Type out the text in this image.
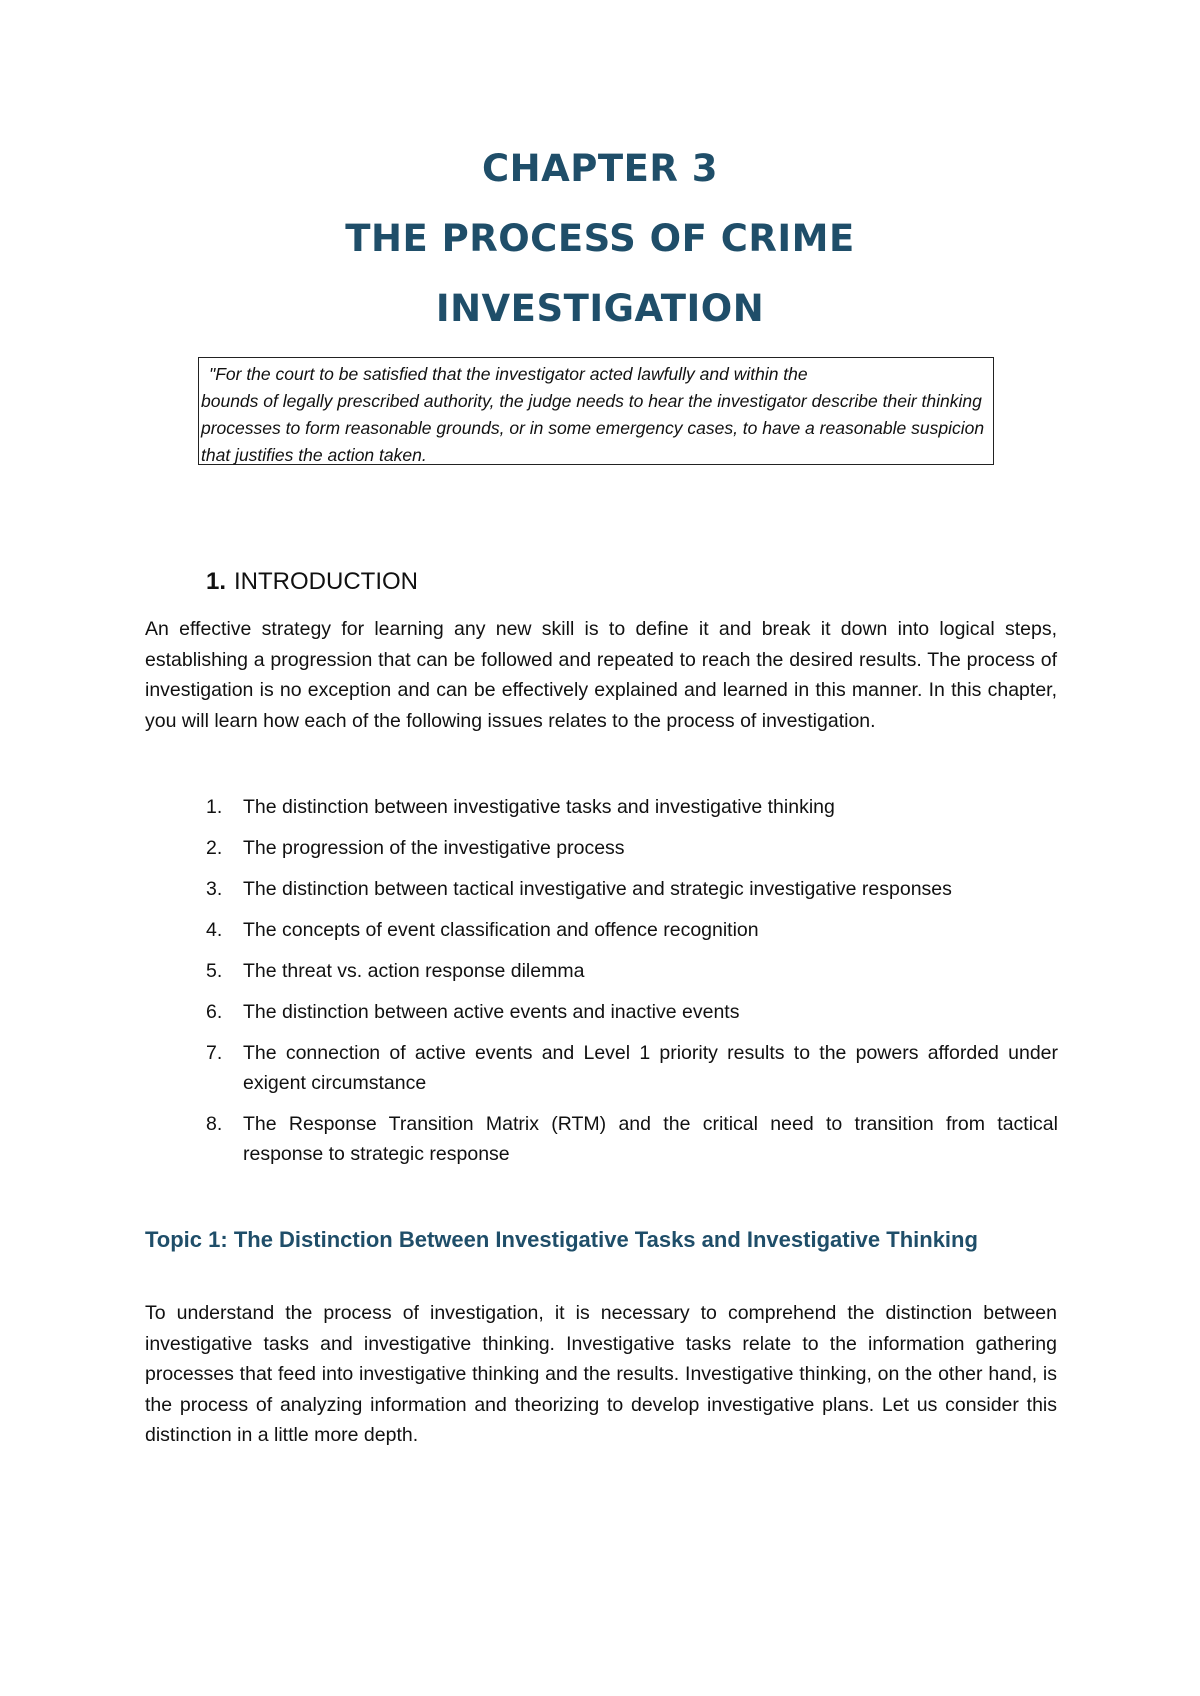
CHAPTER 3
THE PROCESS OF CRIME
INVESTIGATION
"For the court to be satisfied that the investigator acted lawfully and within the
bounds of legally prescribed authority, the judge needs to hear the investigator describe their thinking processes to form reasonable grounds, or in some emergency cases, to have a reasonable suspicion that justifies the action taken.
1. INTRODUCTION
An effective strategy for learning any new skill is to define it and break it down into logical steps, establishing a progression that can be followed and repeated to reach the desired results. The process of investigation is no exception and can be effectively explained and learned in this manner. In this chapter, you will learn how each of the following issues relates to the process of investigation.
1. The distinction between investigative tasks and investigative thinking
2. The progression of the investigative process
3. The distinction between tactical investigative and strategic investigative responses
4. The concepts of event classification and offence recognition
5. The threat vs. action response dilemma
6. The distinction between active events and inactive events
7. The connection of active events and Level 1 priority results to the powers afforded under exigent circumstance
8. The Response Transition Matrix (RTM) and the critical need to transition from tactical response to strategic response
Topic 1: The Distinction Between Investigative Tasks and Investigative Thinking
To understand the process of investigation, it is necessary to comprehend the distinction between investigative tasks and investigative thinking. Investigative tasks relate to the information gathering processes that feed into investigative thinking and the results. Investigative thinking, on the other hand, is the process of analyzing information and theorizing to develop investigative plans. Let us consider this distinction in a little more depth.
